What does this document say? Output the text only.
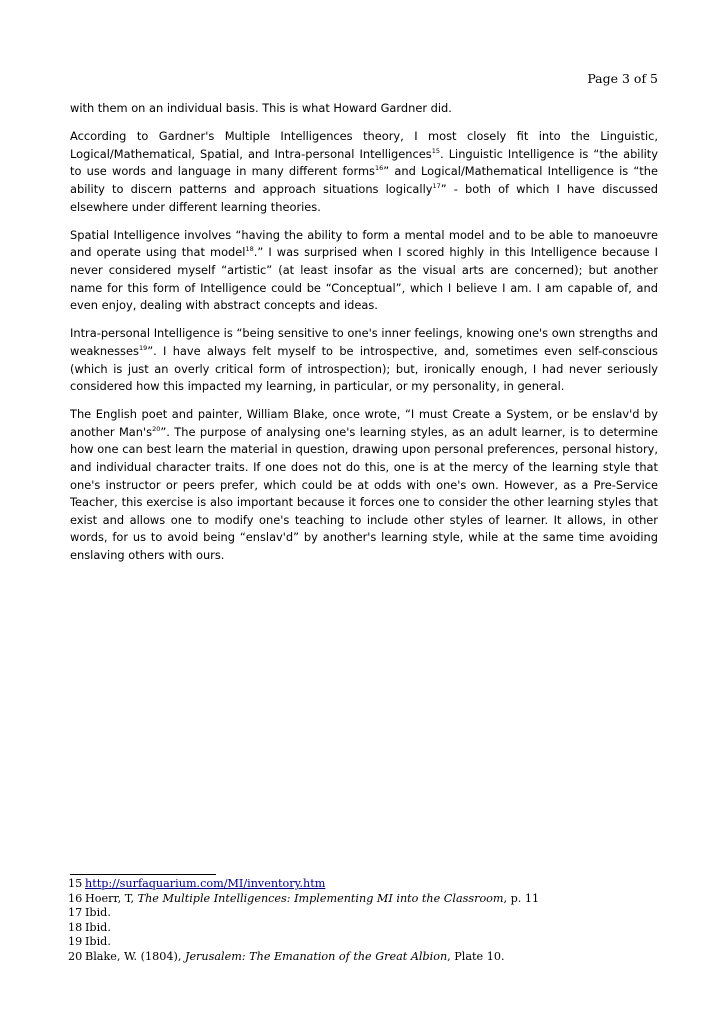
Page 3 of 5

with them on an individual basis. This is what Howard Gardner did.

According to Gardner's Multiple Intelligences theory, I most closely fit into the Linguistic, Logical/Mathematical, Spatial, and Intra-personal Intelligences$^{15}$. Linguistic Intelligence is “the ability to use words and language in many different forms$^{16}$” and Logical/Mathematical Intelligence is “the ability to discern patterns and approach situations logically$^{17}$” - both of which I have discussed elsewhere under different learning theories.

Spatial Intelligence involves “having the ability to form a mental model and to be able to manoeuvre and operate using that model$^{18}$.” I was surprised when I scored highly in this Intelligence because I never considered myself “artistic” (at least insofar as the visual arts are concerned); but another name for this form of Intelligence could be “Conceptual”, which I believe I am. I am capable of, and even enjoy, dealing with abstract concepts and ideas.

Intra-personal Intelligence is “being sensitive to one's inner feelings, knowing one's own strengths and weaknesses$^{19}$”. I have always felt myself to be introspective, and, sometimes even self-conscious (which is just an overly critical form of introspection); but, ironically enough, I had never seriously considered how this impacted my learning, in particular, or my personality, in general.

The English poet and painter, William Blake, once wrote, “I must Create a System, or be enslav'd by another $Man's^{20}$”. The purpose of analysing one's learning styles, as an adult learner, is to determine how one can best learn the material in question, drawing upon personal preferences, personal history, and individual character traits. If one does not do this, one is at the mercy of the learning style that one's instructor or peers prefer, which could be at odds with one's own. However, as a Pre-Service Teacher, this exercise is also important because it forces one to consider the other learning styles that exist and allows one to modify one's teaching to include other styles of learner. It allows, in other words, for us to avoid being “enslav'd” by another's learning style, while at the same time avoiding enslaving others with ours.

15 http://surfaquarium.com/MI/inventory.htm
16 Hoerr, T, The Multiple Intelligences: Implementing MI into the Classroom, p. 11
17 Ibid.
18 Ibid.
19 Ibid.
20 Blake, W. (1804), Jerusalem: The Emanation of the Great Albion, Plate 10.
